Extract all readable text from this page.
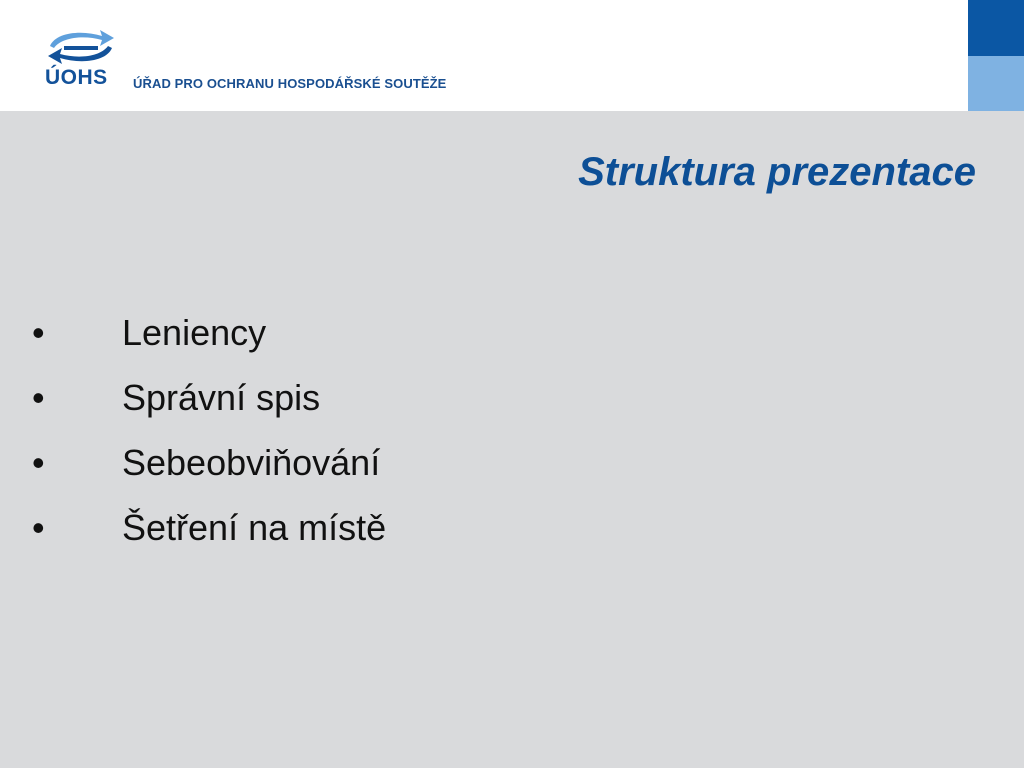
ÚOHS ÚŘAD PRO OCHRANU HOSPODÁŘSKÉ SOUTĚŽE
Struktura prezentace
• Leniency
• Správní spis
• Sebeobviňování
• Šetření na místě
